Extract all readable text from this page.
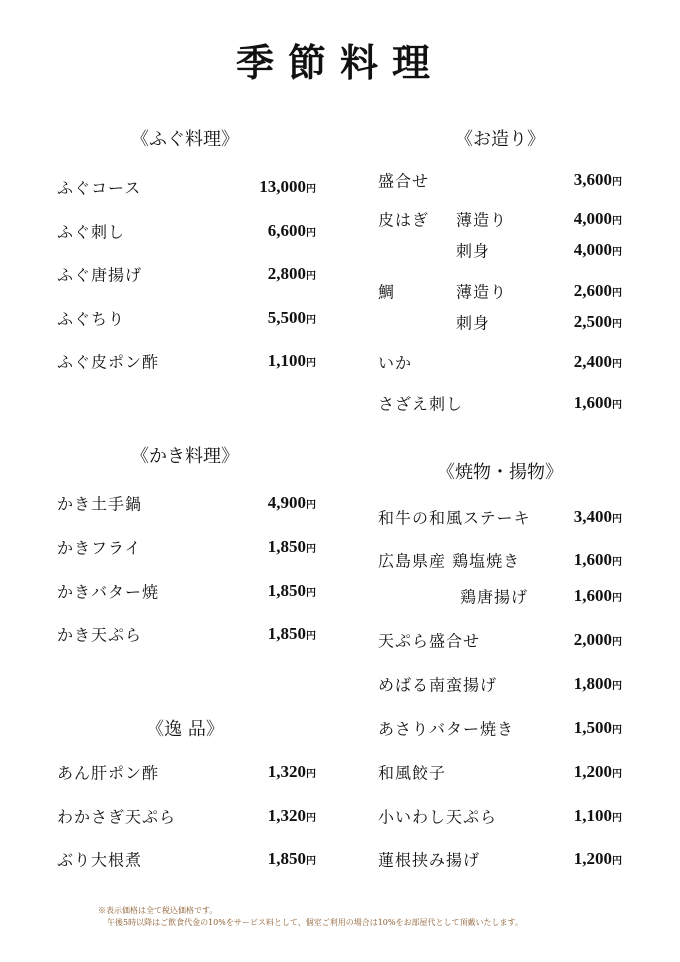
季節料理
《ふぐ料理》
ふぐコース	13,000円
ふぐ刺し	6,600円
ふぐ唐揚げ	2,800円
ふぐちり	5,500円
ふぐ皮ポン酢	1,100円
《かき料理》
かき土手鍋	4,900円
かきフライ	1,850円
かきバター焼	1,850円
かき天ぷら	1,850円
《逸 品》
あん肝ポン酢	1,320円
わかさぎ天ぷら	1,320円
ぶり大根煮	1,850円
《お造り》
盛合せ	3,600円
皮はぎ 薄造り	4,000円
刺身	4,000円
鯛	薄造り	2,600円
刺身	2,500円
いか	2,400円
さざえ刺し	1,600円
《焼物・揚物》
和牛の和風ステーキ	3,400円
広島県産 鶏塩焼き	1,600円
鶏唐揚げ	1,600円
天ぷら盛合せ	2,000円
めばる南蛮揚げ	1,800円
あさりバター焼き	1,500円
和風餃子	1,200円
小いわし天ぷら	1,100円
蓮根挟み揚げ	1,200円
※表示価格は全て税込価格です。
午後5時以降はご飲食代金の10%をサービス料として、個室ご利用の場合は10%をお部屋代として頂戴いたします。
